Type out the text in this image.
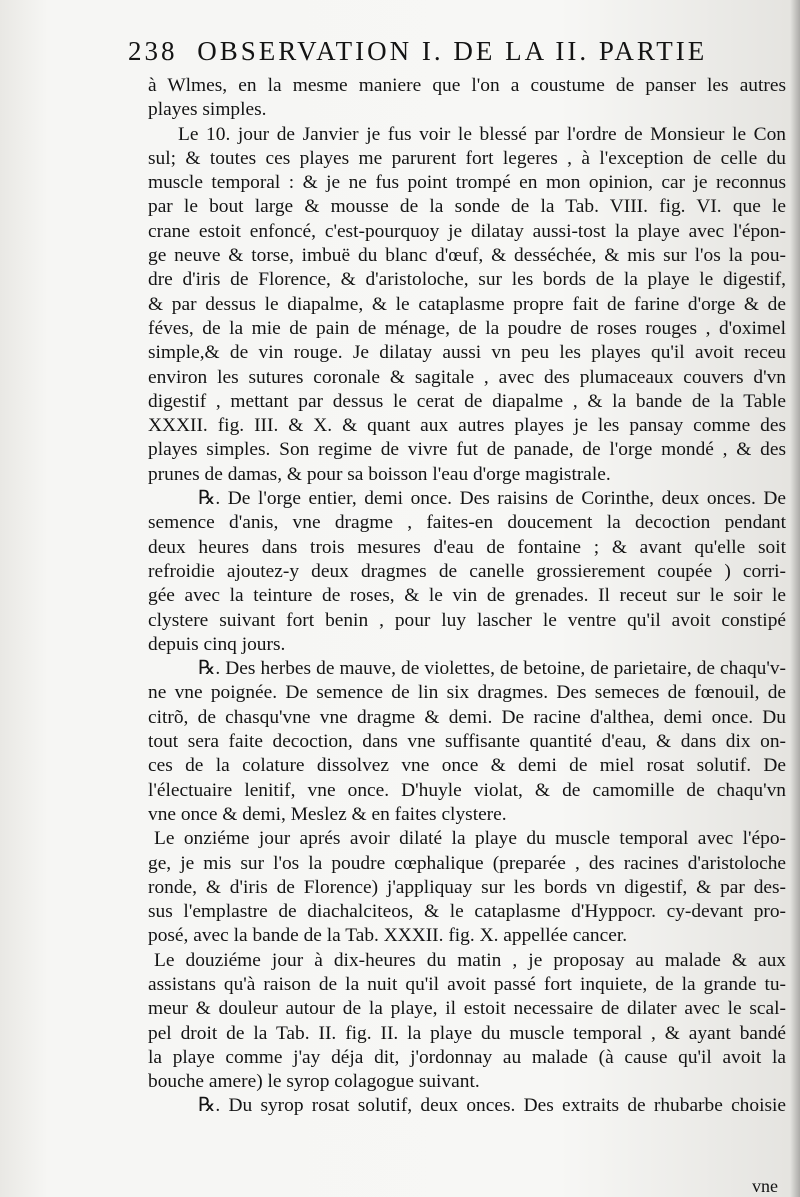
238 OBSERVATION I. DE LA II. PARTIE
à Wlmes, en la mesme maniere que l'on a coustume de panser les autres
playes simples.
Le 10. jour de Janvier je fus voir le blessé par l'ordre de Monsieur le Con
sul; & toutes ces playes me parurent fort legeres , à l'exception de celle du
muscle temporal : & je ne fus point trompé en mon opinion, car je reconnus
par le bout large & mousse de la sonde de la Tab. VIII. fig. VI. que le
crane estoit enfoncé, c'est-pourquoy je dilatay aussi-tost la playe avec l'épon-
ge neuve & torse, imbuë du blanc d'œuf, & desséchée, & mis sur l'os la pou-
dre d'iris de Florence, & d'aristoloche, sur les bords de la playe le digestif,
& par dessus le diapalme, & le cataplasme propre fait de farine d'orge & de
féves, de la mie de pain de ménage, de la poudre de roses rouges , d'oximel
simple,& de vin rouge. Je dilatay aussi vn peu les playes qu'il avoit receu
environ les sutures coronale & sagitale , avec des plumaceaux couvers d'vn
digestif , mettant par dessus le cerat de diapalme , & la bande de la Table
XXXII. fig. III. & X. & quant aux autres playes je les pansay comme des
playes simples. Son regime de vivre fut de panade, de l'orge mondé , & des
prunes de damas, & pour sa boisson l'eau d'orge magistrale.
℞. De l'orge entier, demi once. Des raisins de Corinthe, deux onces. De
semence d'anis, vne dragme , faites-en doucement la decoction pendant
deux heures dans trois mesures d'eau de fontaine ; & avant qu'elle soit
refroidie ajoutez-y deux dragmes de canelle grossierement coupée ) corri-
gée avec la teinture de roses, & le vin de grenades. Il receut sur le soir le
clystere suivant fort benin , pour luy lascher le ventre qu'il avoit constipé
depuis cinq jours.
℞. Des herbes de mauve, de violettes, de betoine, de parietaire, de chaqu'v-
ne vne poignée. De semence de lin six dragmes. Des semeces de fœnouil, de
citrõ, de chasqu'vne vne dragme & demi. De racine d'althea, demi once. Du
tout sera faite decoction, dans vne suffisante quantité d'eau, & dans dix on-
ces de la colature dissolvez vne once & demi de miel rosat solutif. De
l'électuaire lenitif, vne once. D'huyle violat, & de camomille de chaqu'vn
vne once & demi, Meslez & en faites clystere.
Le onziéme jour aprés avoir dilaté la playe du muscle temporal avec l'épo-
ge, je mis sur l'os la poudre cœphalique (preparée , des racines d'aristoloche
ronde, & d'iris de Florence) j'appliquay sur les bords vn digestif, & par des-
sus l'emplastre de diachalciteos, & le cataplasme d'Hyppocr. cy-devant pro-
posé, avec la bande de la Tab. XXXII. fig. X. appellée cancer.
Le douziéme jour à dix-heures du matin , je proposay au malade & aux
assistans qu'à raison de la nuit qu'il avoit passé fort inquiete, de la grande tu-
meur & douleur autour de la playe, il estoit necessaire de dilater avec le scal-
pel droit de la Tab. II. fig. II. la playe du muscle temporal , & ayant bandé
la playe comme j'ay déja dit, j'ordonnay au malade (à cause qu'il avoit la
bouche amere) le syrop colagogue suivant.
℞. Du syrop rosat solutif, deux onces. Des extraits de rhubarbe choisie
vne
